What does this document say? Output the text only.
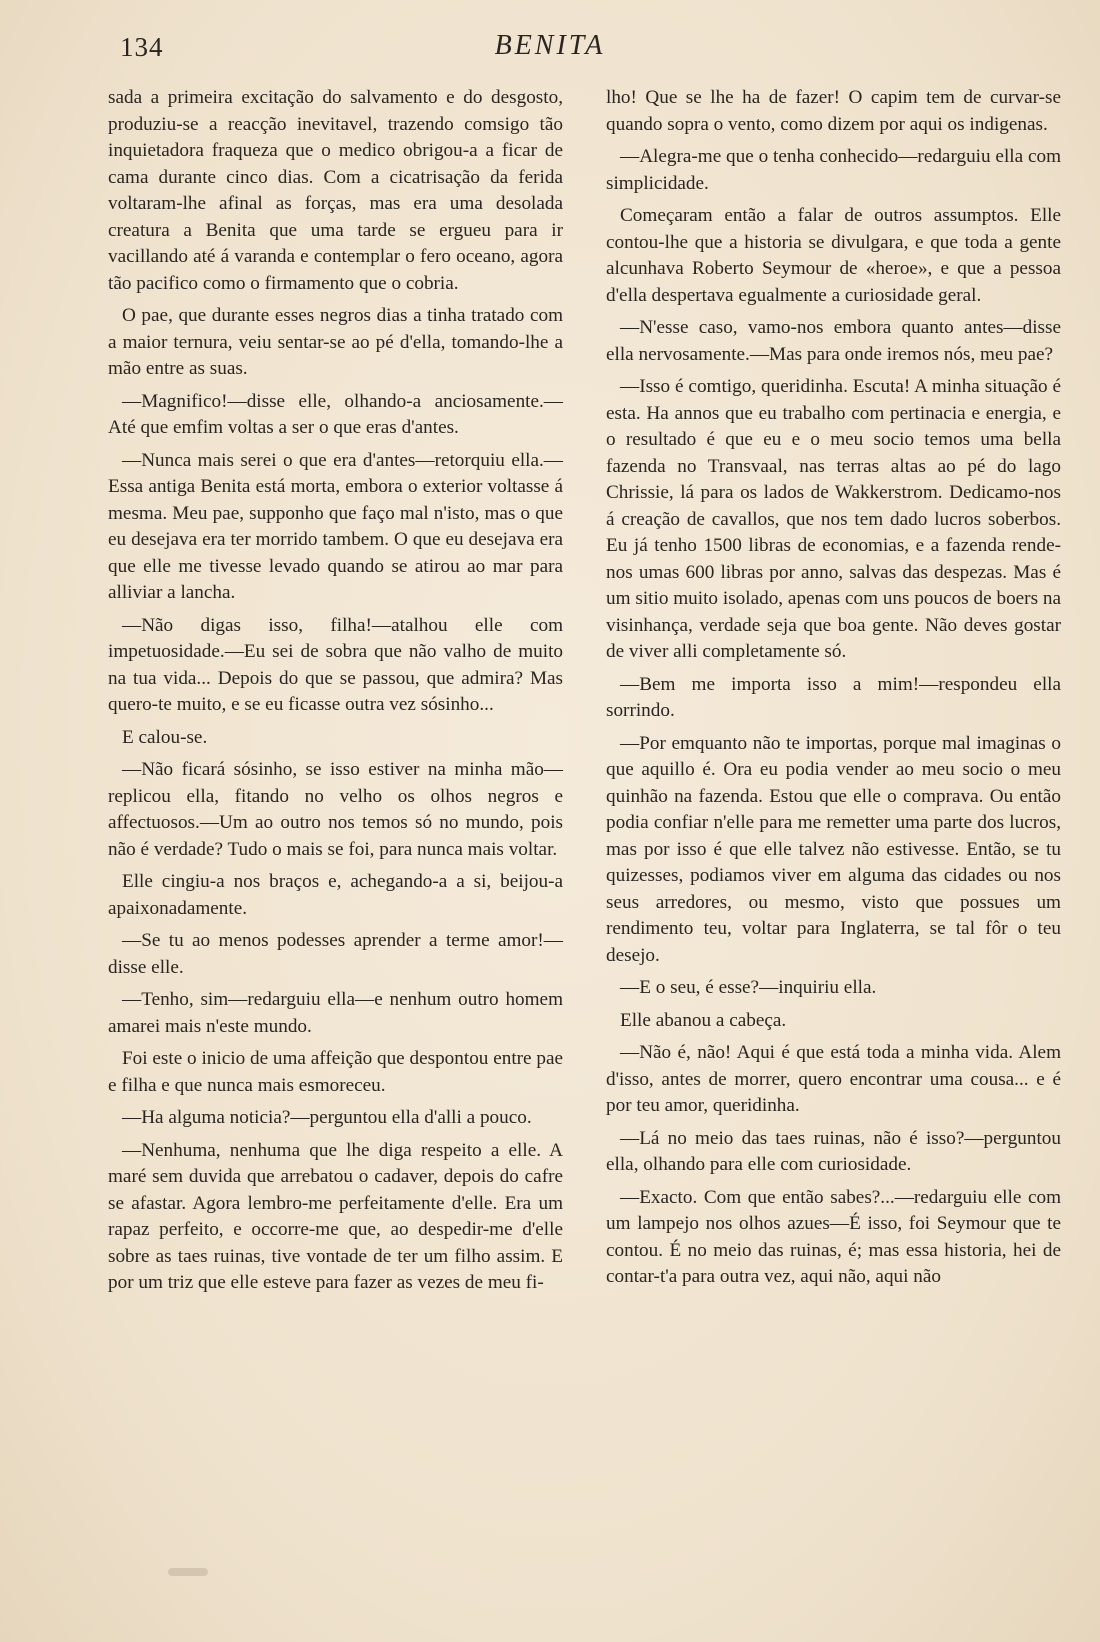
134	BENITA

sada a primeira excitação do salvamento e do desgosto, produziu-se a reacção inevitavel, trazendo comsigo tão inquietadora fraqueza que o medico obrigou-a a ficar de cama durante cinco dias. Com a cicatrisação da ferida voltaram-lhe afinal as forças, mas era uma desolada creatura a Benita que uma tarde se ergueu para ir vacillando até á varanda e contemplar o fero oceano, agora tão pacifico como o firmamento que o cobria.

O pae, que durante esses negros dias a tinha tratado com a maior ternura, veiu sentar-se ao pé d'ella, tomando-lhe a mão entre as suas.

—Magnifico!—disse elle, olhando-a anciosamente.—Até que emfim voltas a ser o que eras d'antes.

—Nunca mais serei o que era d'antes—retorquiu ella.—Essa antiga Benita está morta, embora o exterior voltasse á mesma. Meu pae, supponho que faço mal n'isto, mas o que eu desejava era ter morrido tambem. O que eu desejava era que elle me tivesse levado quando se atirou ao mar para alliviar a lancha.

—Não digas isso, filha!—atalhou elle com impetuosidade.—Eu sei de sobra que não valho de muito na tua vida... Depois do que se passou, que admira? Mas quero-te muito, e se eu ficasse outra vez sósinho...

E calou-se.

—Não ficará sósinho, se isso estiver na minha mão—replicou ella, fitando no velho os olhos negros e affectuosos.—Um ao outro nos temos só no mundo, pois não é verdade? Tudo o mais se foi, para nunca mais voltar.

Elle cingiu-a nos braços e, achegando-a a si, beijou-a apaixonadamente.

—Se tu ao menos podesses aprender a terme amor!—disse elle.

—Tenho, sim—redarguiu ella—e nenhum outro homem amarei mais n'este mundo.

Foi este o inicio de uma affeição que despontou entre pae e filha e que nunca mais esmoreceu.

—Ha alguma noticia?—perguntou ella d'alli a pouco.

—Nenhuma, nenhuma que lhe diga respeito a elle. A maré sem duvida que arrebatou o cadaver, depois do cafre se afastar. Agora lembro-me perfeitamente d'elle. Era um rapaz perfeito, e occorre-me que, ao despedir-me d'elle sobre as taes ruinas, tive vontade de ter um filho assim. E por um triz que elle esteve para fazer as vezes de meu fi-

lho! Que se lhe ha de fazer! O capim tem de curvar-se quando sopra o vento, como dizem por aqui os indigenas.

—Alegra-me que o tenha conhecido—redarguiu ella com simplicidade.

Começaram então a falar de outros assumptos. Elle contou-lhe que a historia se divulgara, e que toda a gente alcunhava Roberto Seymour de «heroe», e que a pessoa d'ella despertava egualmente a curiosidade geral.

—N'esse caso, vamo-nos embora quanto antes—disse ella nervosamente.—Mas para onde iremos nós, meu pae?

—Isso é comtigo, queridinha. Escuta! A minha situação é esta. Ha annos que eu trabalho com pertinacia e energia, e o resultado é que eu e o meu socio temos uma bella fazenda no Transvaal, nas terras altas ao pé do lago Chrissie, lá para os lados de Wakkerstrom. Dedicamo-nos á creação de cavallos, que nos tem dado lucros soberbos. Eu já tenho 1500 libras de economias, e a fazenda rende-nos umas 600 libras por anno, salvas das despezas. Mas é um sitio muito isolado, apenas com uns poucos de boers na visinhança, verdade seja que boa gente. Não deves gostar de viver alli completamente só.

—Bem me importa isso a mim!—respondeu ella sorrindo.

—Por emquanto não te importas, porque mal imaginas o que aquillo é. Ora eu podia vender ao meu socio o meu quinhão na fazenda. Estou que elle o comprava. Ou então podia confiar n'elle para me remetter uma parte dos lucros, mas por isso é que elle talvez não estivesse. Então, se tu quizesses, podiamos viver em alguma das cidades ou nos seus arredores, ou mesmo, visto que possues um rendimento teu, voltar para Inglaterra, se tal fôr o teu desejo.

—E o seu, é esse?—inquiriu ella.

Elle abanou a cabeça.

—Não é, não! Aqui é que está toda a minha vida. Alem d'isso, antes de morrer, quero encontrar uma cousa... e é por teu amor, queridinha.

—Lá no meio das taes ruinas, não é isso?—perguntou ella, olhando para elle com curiosidade.

—Exacto. Com que então sabes?...—redarguiu elle com um lampejo nos olhos azues—É isso, foi Seymour que te contou. É no meio das ruinas, é; mas essa historia, hei de contar-t'a para outra vez, aqui não, aqui não
